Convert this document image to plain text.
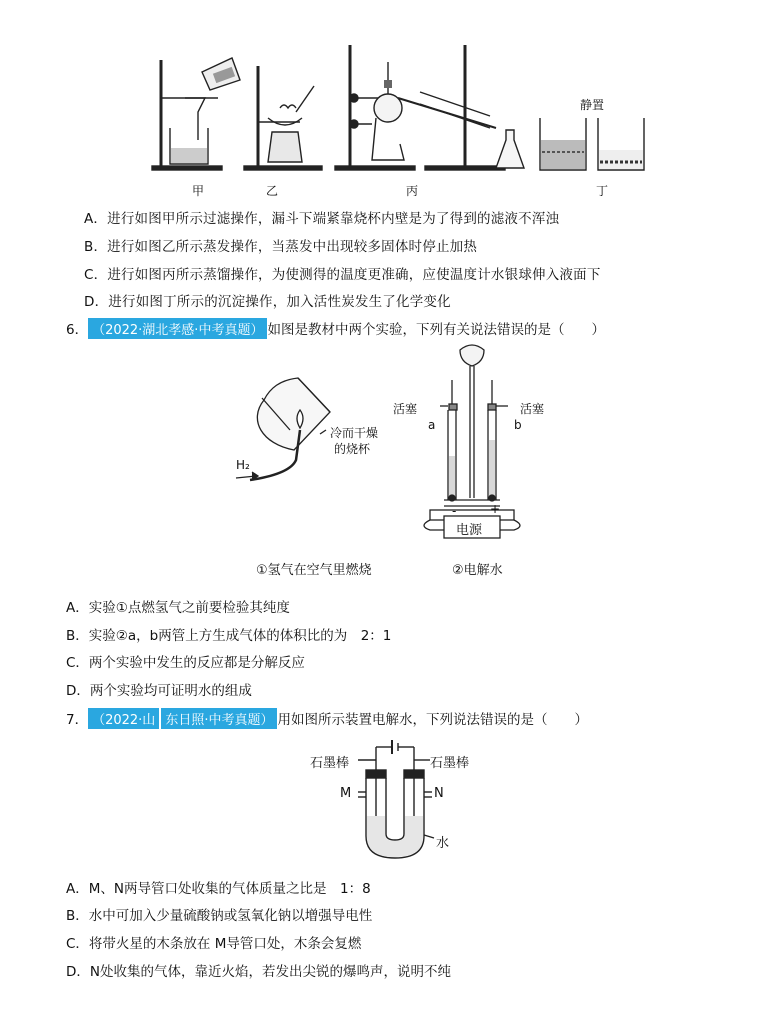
甲	乙	丙	丁
静置
A．进行如图甲所示过滤操作，漏斗下端紧靠烧杯内壁是为了得到的滤液不浑浊
B．进行如图乙所示蒸发操作，当蒸发中出现较多固体时停止加热
C．进行如图丙所示蒸馏操作，为使测得的温度更准确，应使温度计水银球伸入液面下
D．进行如图丁所示的沉淀操作，加入活性炭发生了化学变化
6． （2022·湖北孝感·中考真题） 如图是教材中两个实验，下列有关说法错误的是（　　）
H₂
冷而干燥
的烧杯
活塞	活塞
a	b
-	+
电源
①氢气在空气里燃烧	②电解水
A．实验①点燃氢气之前要检验其纯度
B．实验②a，b两管上方生成气体的体积比的为　2：1
C．两个实验中发生的反应都是分解反应
D．两个实验均可证明水的组成
7． （2022·山 东日照·中考真题） 用如图所示装置电解水，下列说法错误的是（　　）
石墨棒	石墨棒
M	N
水
A．M、N两导管口处收集的气体质量之比是　1：8
B．水中可加入少量硫酸钠或氢氧化钠以增强导电性
C．将带火星的木条放在 M导管口处，木条会复燃
D．N处收集的气体，靠近火焰，若发出尖锐的爆鸣声，说明不纯
